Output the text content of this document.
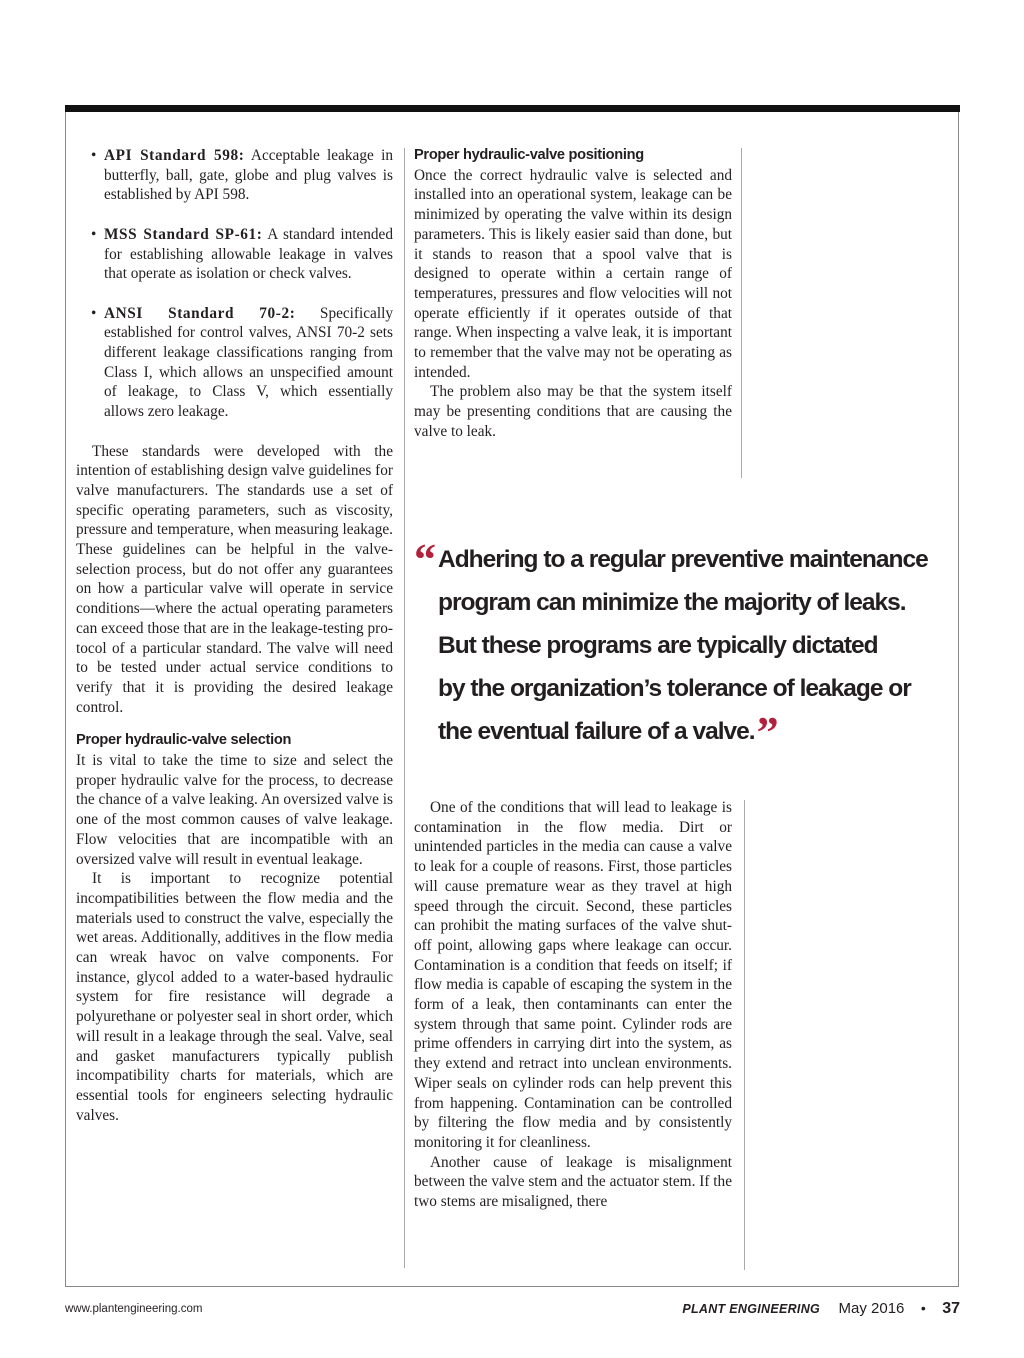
• API Standard 598: Acceptable leakage in butterfly, ball, gate, globe and plug valves is established by API 598.
• MSS Standard SP-61: A standard intended for establishing allowable leakage in valves that operate as isolation or check valves.
• ANSI Standard 70-2: Specifically established for control valves, ANSI 70-2 sets different leakage classifications ranging from Class I, which allows an unspecified amount of leakage, to Class V, which essentially allows zero leakage.

These standards were developed with the intention of establishing design valve guidelines for valve manufacturers. The standards use a set of specific operating parameters, such as viscosity, pressure and temperature, when measuring leakage. These guidelines can be helpful in the valve-selection process, but do not offer any guarantees on how a particular valve will operate in service conditions—where the actual operating parameters can exceed those that are in the leakage-testing protocol of a particular standard. The valve will need to be tested under actual service conditions to verify that it is providing the desired leakage control.

Proper hydraulic-valve selection

It is vital to take the time to size and select the proper hydraulic valve for the process, to decrease the chance of a valve leaking. An oversized valve is one of the most common causes of valve leakage. Flow velocities that are incompatible with an oversized valve will result in eventual leakage.

It is important to recognize potential incompatibilities between the flow media and the materials used to construct the valve, especially the wet areas. Additionally, additives in the flow media can wreak havoc on valve components. For instance, glycol added to a water-based hydraulic system for fire resistance will degrade a polyurethane or polyester seal in short order, which will result in a leakage through the seal. Valve, seal and gasket manufacturers typically publish incompatibility charts for materials, which are essential tools for engineers selecting hydraulic valves.

Proper hydraulic-valve positioning

Once the correct hydraulic valve is selected and installed into an operational system, leakage can be minimized by operating the valve within its design parameters. This is likely easier said than done, but it stands to reason that a spool valve that is designed to operate within a certain range of temperatures, pressures and flow velocities will not operate efficiently if it operates outside of that range. When inspecting a valve leak, it is important to remember that the valve may not be operating as intended.

The problem also may be that the system itself may be presenting conditions that are causing the valve to leak.

“ Adhering to a regular preventive maintenance
program can minimize the majority of leaks.
But these programs are typically dictated
by the organization’s tolerance of leakage or
the eventual failure of a valve.”

One of the conditions that will lead to leakage is contamination in the flow media. Dirt or unintended particles in the media can cause a valve to leak for a couple of reasons. First, those particles will cause premature wear as they travel at high speed through the circuit. Second, these particles can prohibit the mating surfaces of the valve shut-off point, allowing gaps where leakage can occur. Contamination is a condition that feeds on itself; if flow media is capable of escaping the system in the form of a leak, then contaminants can enter the system through that same point. Cylinder rods are prime offenders in carrying dirt into the system, as they extend and retract into unclean environments. Wiper seals on cylinder rods can help prevent this from happening. Contamination can be controlled by filtering the flow media and by consistently monitoring it for cleanliness.

Another cause of leakage is misalignment between the valve stem and the actuator stem. If the two stems are misaligned, there

www.plantengineering.com	PLANT ENGINEERING May 2016 • 37
